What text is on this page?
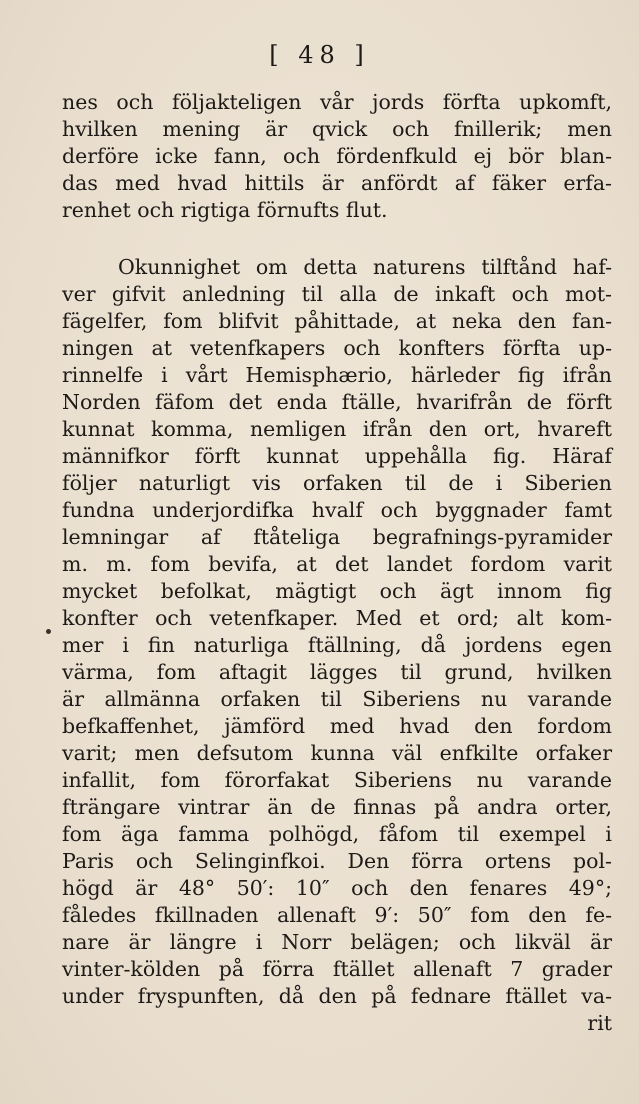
[ 48 ]
nes och följakteligen vår jords förfta upkomft,
hvilken mening är qvick och fnillerik; men
derföre icke fann, och fördenfkuld ej bör blan-
das med hvad hittils är anfördt af fäker erfa-
renhet och rigtiga förnufts flut.
Okunnighet om detta naturens tilftånd haf-
ver gifvit anledning til alla de inkaft och mot-
fägelfer, fom blifvit påhittade, at neka den fan-
ningen at vetenfkapers och konfters förfta up-
rinnelfe i vårt Hemisphærio, härleder fig ifrån
Norden fäfom det enda ftälle, hvarifrån de förft
kunnat komma, nemligen ifrån den ort, hvareft
männifkor förft kunnat uppehålla fig. Häraf
följer naturligt vis orfaken til de i Siberien
fundna underjordifka hvalf och byggnader famt
lemningar af ftåteliga begrafnings-pyramider
m. m. fom bevifa, at det landet fordom varit
mycket befolkat, mägtigt och ägt innom fig
konfter och vetenfkaper. Med et ord; alt kom-
mer i fin naturliga ftällning, då jordens egen
värma, fom aftagit lägges til grund, hvilken
är allmänna orfaken til Siberiens nu varande
befkaffenhet, jämförd med hvad den fordom
varit; men defsutom kunna väl enfkilte orfaker
infallit, fom förorfakat Siberiens nu varande
fträngare vintrar än de finnas på andra orter,
fom äga famma polhögd, fåfom til exempel i
Paris och Selinginfkoi. Den förra ortens pol-
högd är 48° 50′: 10″ och den fenares 49°;
fåledes fkillnaden allenaft 9′: 50″ fom den fe-
nare är längre i Norr belägen; och likväl är
vinter-kölden på förra ftället allenaft 7 grader
under fryspunften, då den på fednare ftället va-
rit
